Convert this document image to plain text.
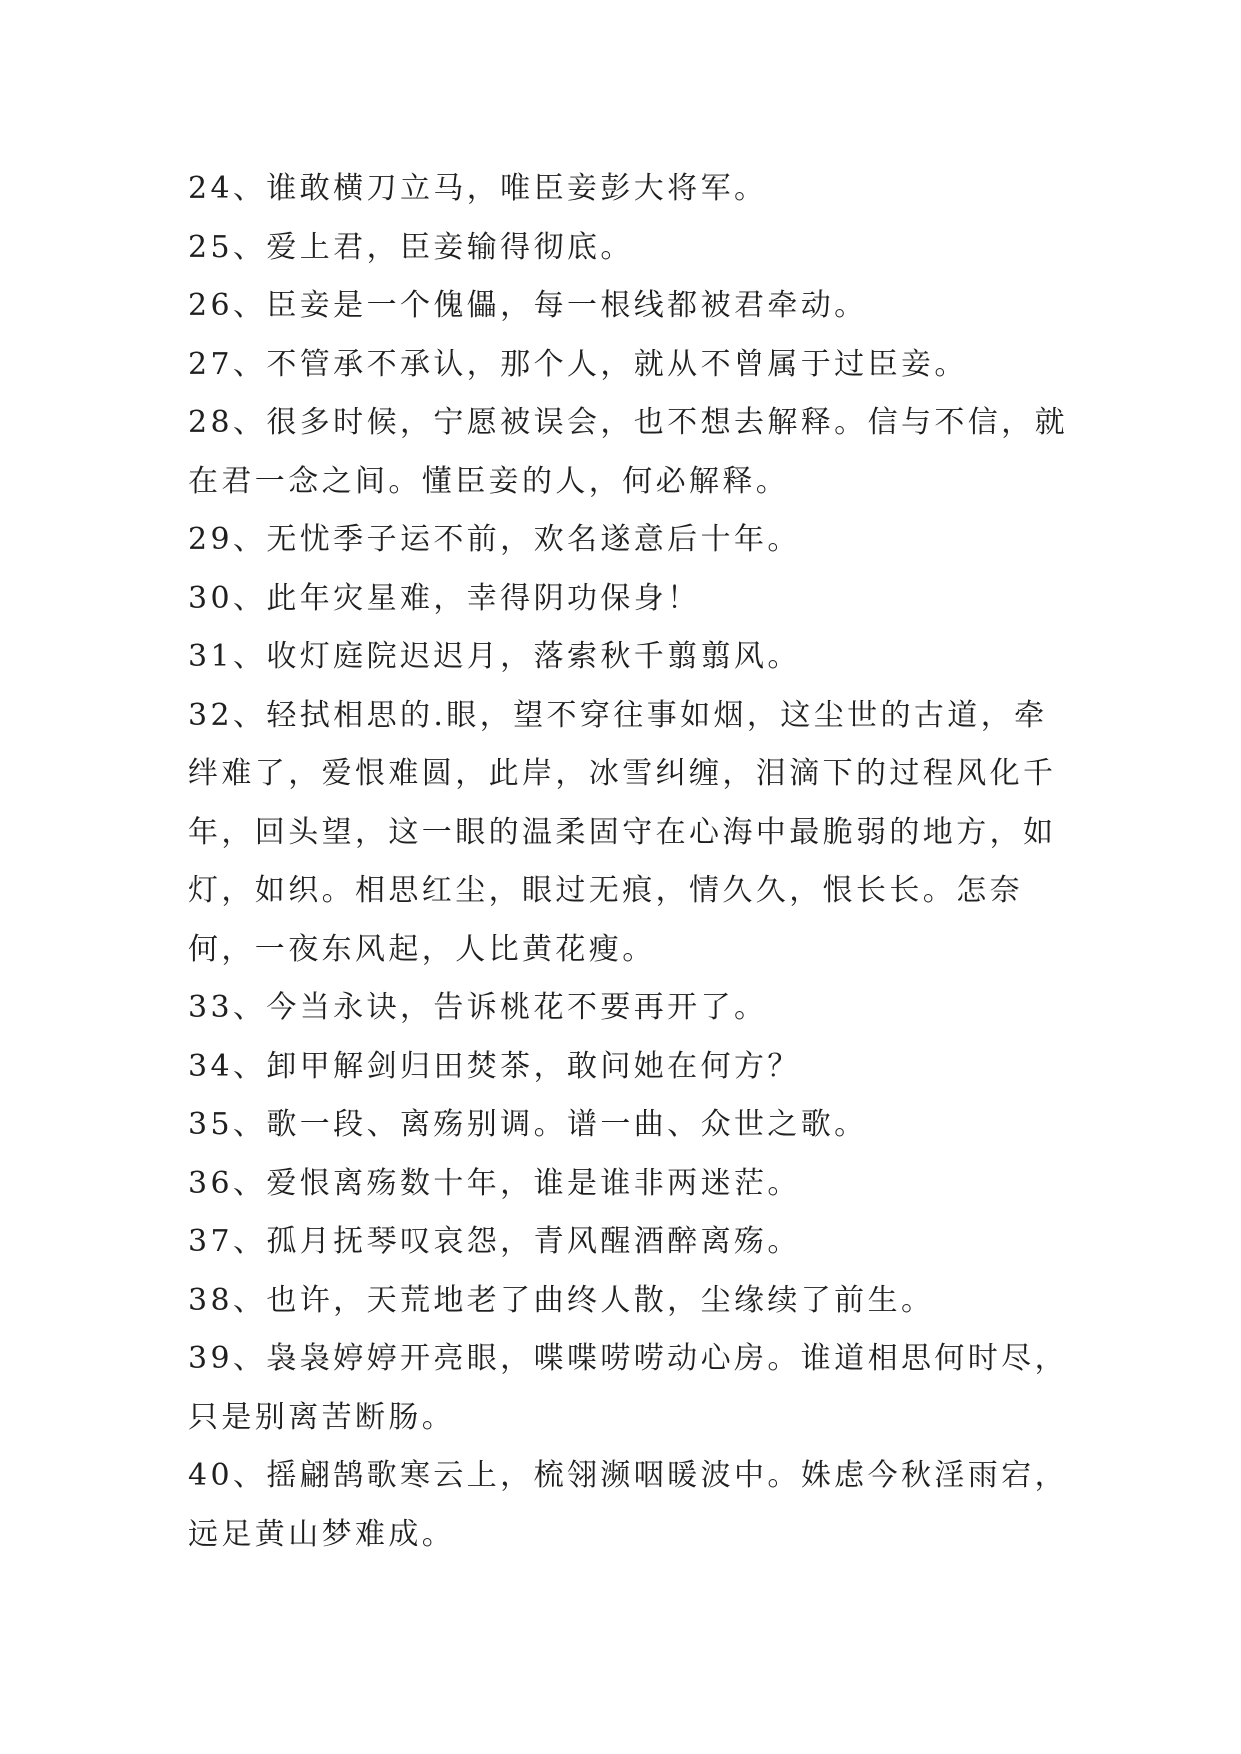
24、谁敢横刀立马，唯臣妾彭大将军。

25、爱上君，臣妾输得彻底。

26、臣妾是一个傀儡，每一根线都被君牵动。

27、不管承不承认，那个人，就从不曾属于过臣妾。

28、很多时候，宁愿被误会，也不想去解释。信与不信，就在君一念之间。懂臣妾的人，何必解释。

29、无忧季子运不前，欢名遂意后十年。

30、此年灾星难，幸得阴功保身！

31、收灯庭院迟迟月，落索秋千翦翦风。

32、轻拭相思的.眼，望不穿往事如烟，这尘世的古道，牵绊难了，爱恨难圆，此岸，冰雪纠缠，泪滴下的过程风化千年，回头望，这一眼的温柔固守在心海中最脆弱的地方，如灯，如织。相思红尘，眼过无痕，情久久，恨长长。怎奈何，一夜东风起，人比黄花瘦。

33、今当永诀，告诉桃花不要再开了。

34、卸甲解剑归田焚茶，敢问她在何方？

35、歌一段、离殇别调。谱一曲、众世之歌。

36、爱恨离殇数十年，谁是谁非两迷茫。

37、孤月抚琴叹哀怨，青风醒酒醉离殇。

38、也许，天荒地老了曲终人散，尘缘续了前生。

39、袅袅婷婷开亮眼，喋喋唠唠动心房。谁道相思何时尽，只是别离苦断肠。

40、摇翩鹄歌寒云上，梳翎濒咽暖波中。姝虑今秋淫雨宕，远足黄山梦难成。
